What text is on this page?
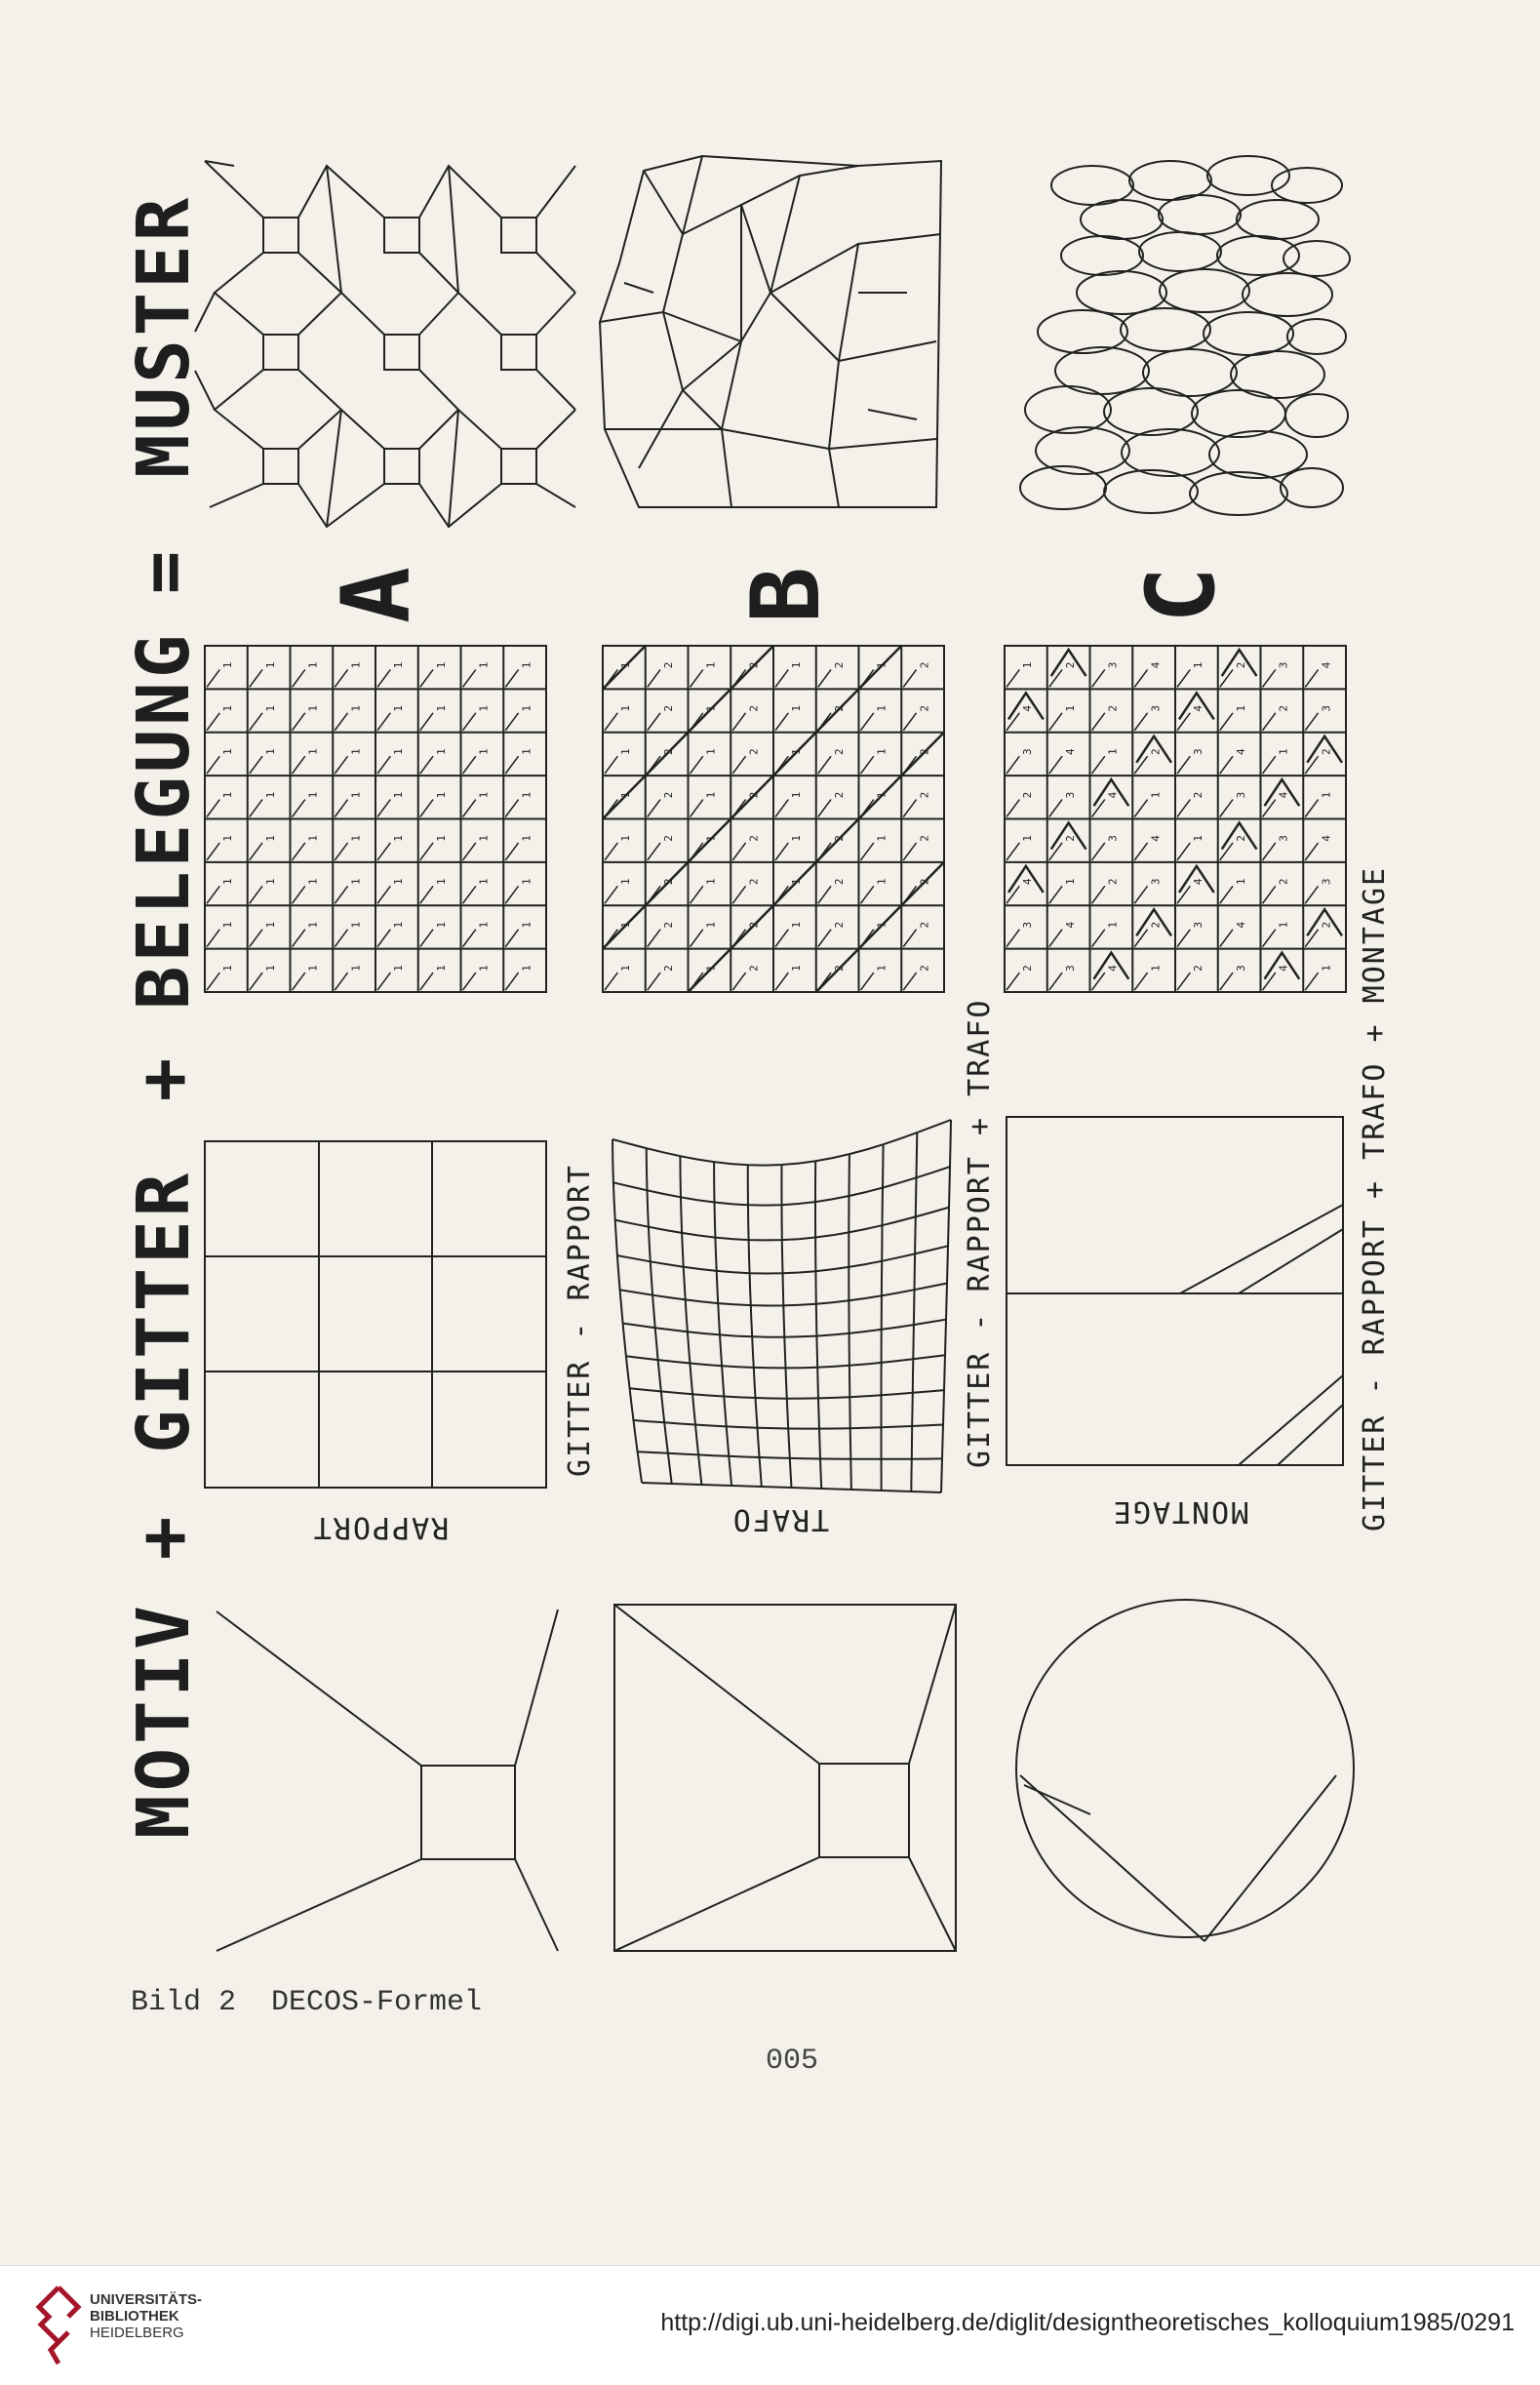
1	1	1	1	1	1	1	1
1	1	1	1	1	1	1	1
1	1	1	1	1	1	1	1
1	1	1	1	1	1	1	1
1	1	1	1	1	1	1	1
1	1	1	1	1	1	1	1
1	1	1	1	1	1	1	1
1	1	1	1	1	1	1	1
1	2	1	2	1	2	1	2
1	2	1	2	1	2	1	2
1	2	1	2	1	2	1	2
1	2	1	2	1	2	1	2
1	2	1	2	1	2	1	2
1	2	1	2	1	2	1	2
1	2	1	2	1	2	1	2
1	2	1	2	1	2	1	2
1	2	3	4	1	2	3	4
4	1	2	3	4	1	2	3
3	4	1	2	3	4	1	2
2	3	4	1	2	3	4	1
1	2	3	4	1	2	3	4
4	1	2	3	4	1	2	3
3	4	1	2	3	4	1	2
2	3	4	1	2	3	4	1
MOTIV
+
GITTER
+
BELEGUNG
=
MUSTER
A	B	C
RAPPORT	TRAFO	MONTAGE
GITTER - RAPPORT	GITTER - RAPPORT + TRAFO	GITTER - RAPPORT + TRAFO + MONTAGE
Bild 2  DECOS-Formel
005
UNIVERSITÄTS-
BIBLIOTHEK
HEIDELBERG	http://digi.ub.uni-heidelberg.de/diglit/designtheoretisches_kolloquium1985/0291
